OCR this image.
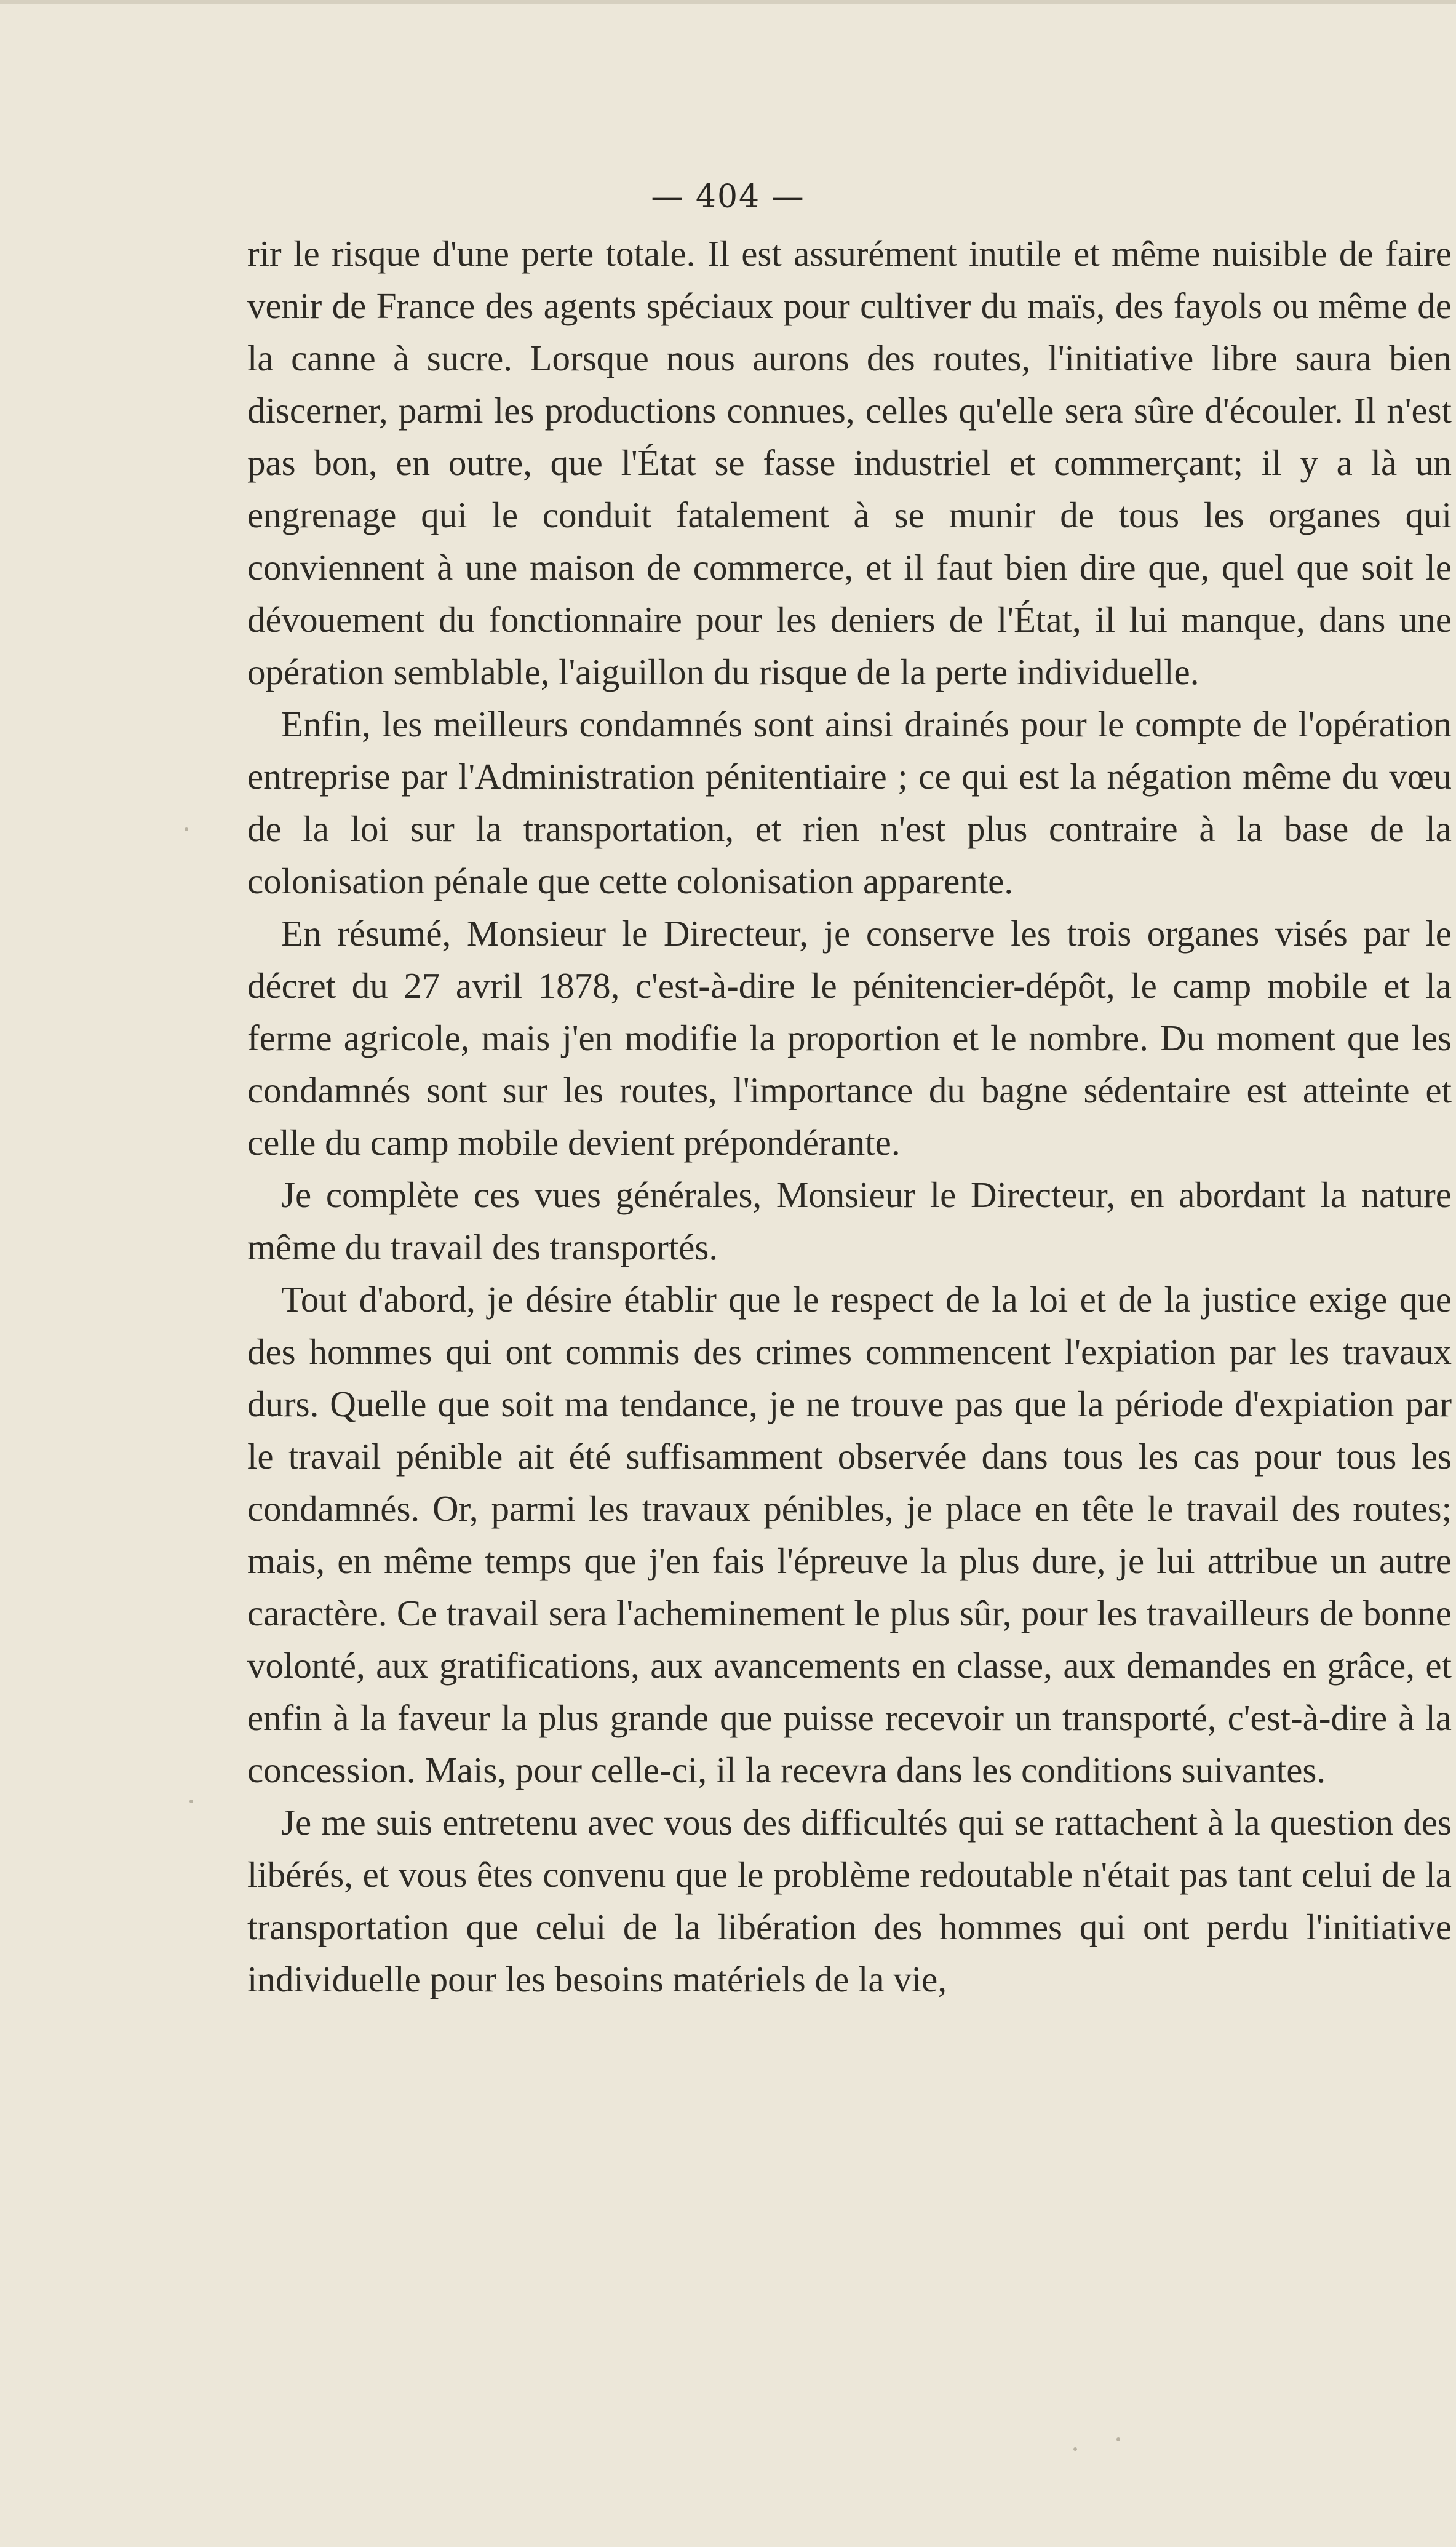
— 404 —

rir le risque d'une perte totale. Il est assurément inutile et même nuisible de faire venir de France des agents spéciaux pour cultiver du maïs, des fayols ou même de la canne à sucre. Lorsque nous aurons des routes, l'initiative libre saura bien discerner, parmi les productions connues, celles qu'elle sera sûre d'écouler. Il n'est pas bon, en outre, que l'État se fasse industriel et commerçant; il y a là un engrenage qui le conduit fatalement à se munir de tous les organes qui conviennent à une maison de commerce, et il faut bien dire que, quel que soit le dévouement du fonctionnaire pour les deniers de l'État, il lui manque, dans une opération semblable, l'aiguillon du risque de la perte individuelle.

Enfin, les meilleurs condamnés sont ainsi drainés pour le compte de l'opération entreprise par l'Administration pénitentiaire ; ce qui est la négation même du vœu de la loi sur la transportation, et rien n'est plus contraire à la base de la colonisation pénale que cette colonisation apparente.

En résumé, Monsieur le Directeur, je conserve les trois organes visés par le décret du 27 avril 1878, c'est-à-dire le pénitencier-dépôt, le camp mobile et la ferme agricole, mais j'en modifie la proportion et le nombre. Du moment que les condamnés sont sur les routes, l'importance du bagne sédentaire est atteinte et celle du camp mobile devient prépondérante.

Je complète ces vues générales, Monsieur le Directeur, en abordant la nature même du travail des transportés.

Tout d'abord, je désire établir que le respect de la loi et de la justice exige que des hommes qui ont commis des crimes commencent l'expiation par les travaux durs. Quelle que soit ma tendance, je ne trouve pas que la période d'expiation par le travail pénible ait été suffisamment observée dans tous les cas pour tous les condamnés. Or, parmi les travaux pénibles, je place en tête le travail des routes; mais, en même temps que j'en fais l'épreuve la plus dure, je lui attribue un autre caractère. Ce travail sera l'acheminement le plus sûr, pour les travailleurs de bonne volonté, aux gratifications, aux avancements en classe, aux demandes en grâce, et enfin à la faveur la plus grande que puisse recevoir un transporté, c'est-à-dire à la concession. Mais, pour celle-ci, il la recevra dans les conditions suivantes.

Je me suis entretenu avec vous des difficultés qui se rattachent à la question des libérés, et vous êtes convenu que le problème redoutable n'était pas tant celui de la transportation que celui de la libération des hommes qui ont perdu l'initiative individuelle pour les besoins matériels de la vie,
